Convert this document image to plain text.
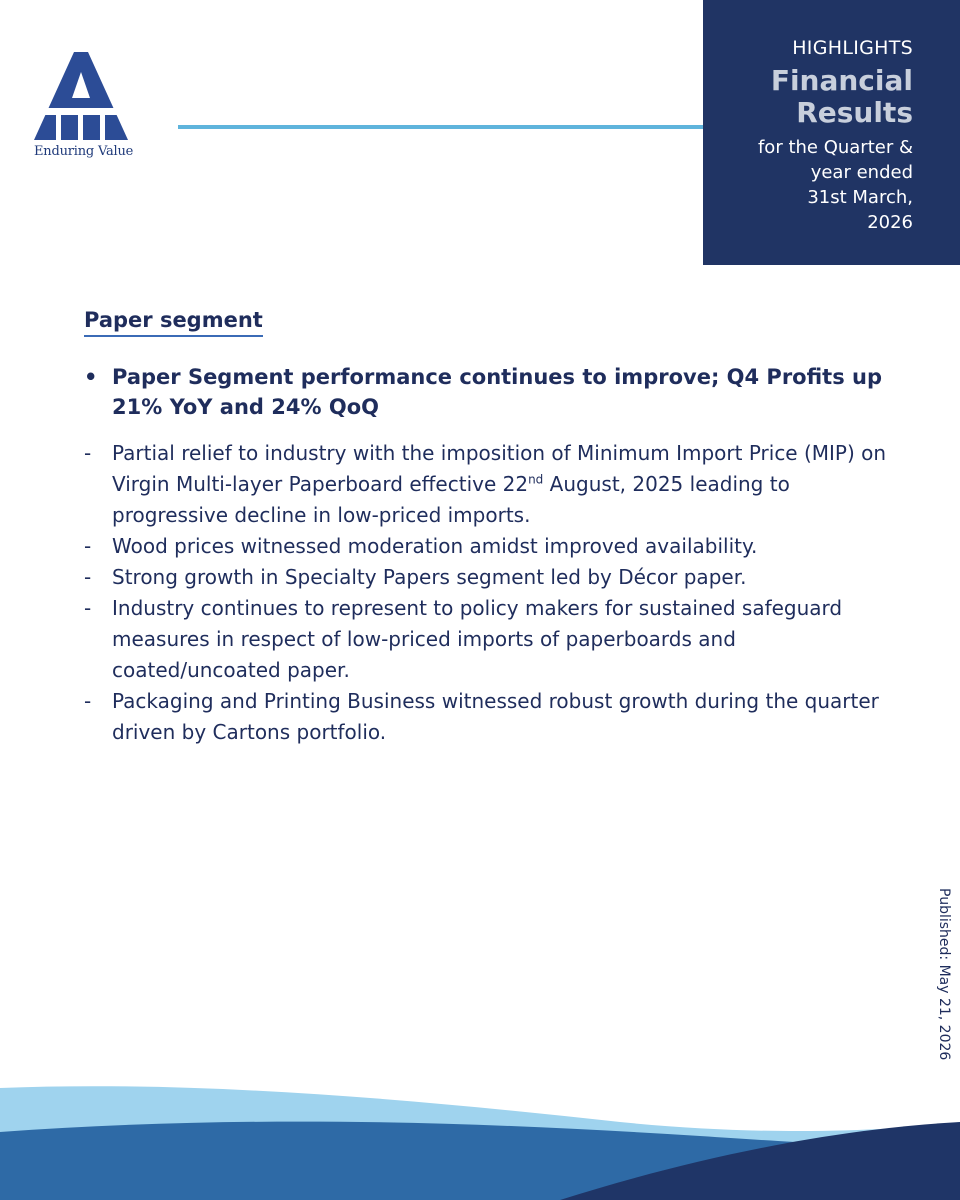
Enduring Value
HIGHLIGHTS
Financial
Results
for the Quarter &
year ended
31st March,
2026
Paper segment
• Paper Segment performance continues to improve; Q4 Profits up 21% YoY and 24% QoQ
- Partial relief to industry with the imposition of Minimum Import Price (MIP) on Virgin Multi-layer Paperboard effective 22nd August, 2025 leading to progressive decline in low-priced imports.
- Wood prices witnessed moderation amidst improved availability.
- Strong growth in Specialty Papers segment led by Décor paper.
- Industry continues to represent to policy makers for sustained safeguard measures in respect of low-priced imports of paperboards and coated/uncoated paper.
- Packaging and Printing Business witnessed robust growth during the quarter driven by Cartons portfolio.
Published: May 21, 2026
